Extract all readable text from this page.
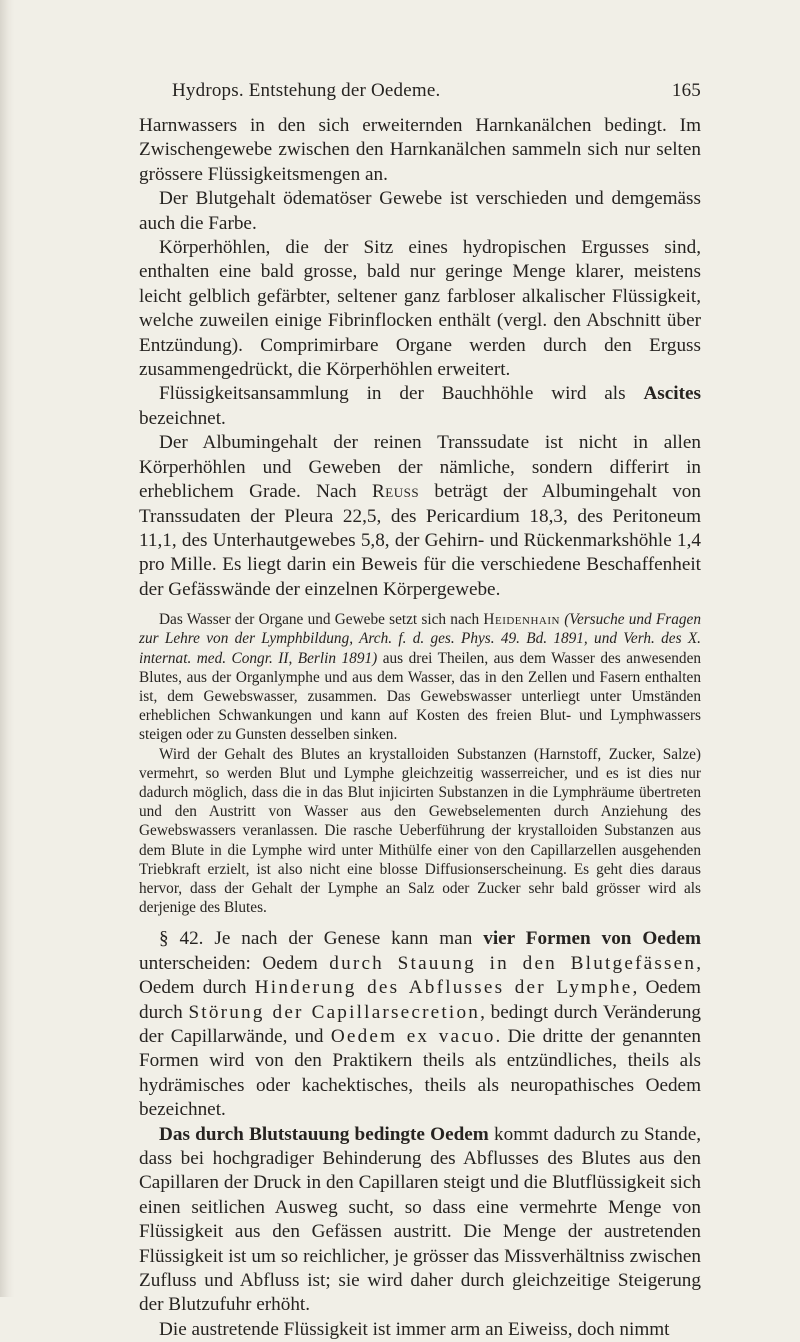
Hydrops. Entstehung der Oedeme.	165

Harnwassers in den sich erweiternden Harnkanälchen bedingt. Im Zwischengewebe zwischen den Harnkanälchen sammeln sich nur selten grössere Flüssigkeitsmengen an.

Der Blutgehalt ödematöser Gewebe ist verschieden und demgemäss auch die Farbe.

Körperhöhlen, die der Sitz eines hydropischen Ergusses sind, enthalten eine bald grosse, bald nur geringe Menge klarer, meistens leicht gelblich gefärbter, seltener ganz farbloser alkalischer Flüssigkeit, welche zuweilen einige Fibrinflocken enthält (vergl. den Abschnitt über Entzündung). Comprimirbare Organe werden durch den Erguss zusammengedrückt, die Körperhöhlen erweitert.

Flüssigkeitsansammlung in der Bauchhöhle wird als Ascites bezeichnet.

Der Albumingehalt der reinen Transsudate ist nicht in allen Körperhöhlen und Geweben der nämliche, sondern differirt in erheblichem Grade. Nach Reuss beträgt der Albumingehalt von Transsudaten der Pleura 22,5, des Pericardium 18,3, des Peritoneum 11,1, des Unterhautgewebes 5,8, der Gehirn- und Rückenmarkshöhle 1,4 pro Mille. Es liegt darin ein Beweis für die verschiedene Beschaffenheit der Gefässwände der einzelnen Körpergewebe.

Das Wasser der Organe und Gewebe setzt sich nach Heidenhain (Versuche und Fragen zur Lehre von der Lymphbildung, Arch. f. d. ges. Phys. 49. Bd. 1891, und Verh. des X. internat. med. Congr. II, Berlin 1891) aus drei Theilen, aus dem Wasser des anwesenden Blutes, aus der Organlymphe und aus dem Wasser, das in den Zellen und Fasern enthalten ist, dem Gewebswasser, zusammen. Das Gewebswasser unterliegt unter Umständen erheblichen Schwankungen und kann auf Kosten des freien Blut- und Lymphwassers steigen oder zu Gunsten desselben sinken.

Wird der Gehalt des Blutes an krystalloiden Substanzen (Harnstoff, Zucker, Salze) vermehrt, so werden Blut und Lymphe gleichzeitig wasserreicher, und es ist dies nur dadurch möglich, dass die in das Blut injicirten Substanzen in die Lymphräume übertreten und den Austritt von Wasser aus den Gewebselementen durch Anziehung des Gewebswassers veranlassen. Die rasche Ueberführung der krystalloiden Substanzen aus dem Blute in die Lymphe wird unter Mithülfe einer von den Capillarzellen ausgehenden Triebkraft erzielt, ist also nicht eine blosse Diffusionserscheinung. Es geht dies daraus hervor, dass der Gehalt der Lymphe an Salz oder Zucker sehr bald grösser wird als derjenige des Blutes.

§ 42. Je nach der Genese kann man vier Formen von Oedem unterscheiden: Oedem durch Stauung in den Blutgefässen, Oedem durch Hinderung des Abflusses der Lymphe, Oedem durch Störung der Capillarsecretion, bedingt durch Veränderung der Capillarwände, und Oedem ex vacuo. Die dritte der genannten Formen wird von den Praktikern theils als entzündliches, theils als hydrämisches oder kachektisches, theils als neuropathisches Oedem bezeichnet.

Das durch Blutstauung bedingte Oedem kommt dadurch zu Stande, dass bei hochgradiger Behinderung des Abflusses des Blutes aus den Capillaren der Druck in den Capillaren steigt und die Blutflüssigkeit sich einen seitlichen Ausweg sucht, so dass eine vermehrte Menge von Flüssigkeit aus den Gefässen austritt. Die Menge der austretenden Flüssigkeit ist um so reichlicher, je grösser das Missverhältniss zwischen Zufluss und Abfluss ist; sie wird daher durch gleichzeitige Steigerung der Blutzufuhr erhöht.

Die austretende Flüssigkeit ist immer arm an Eiweiss, doch nimmt
